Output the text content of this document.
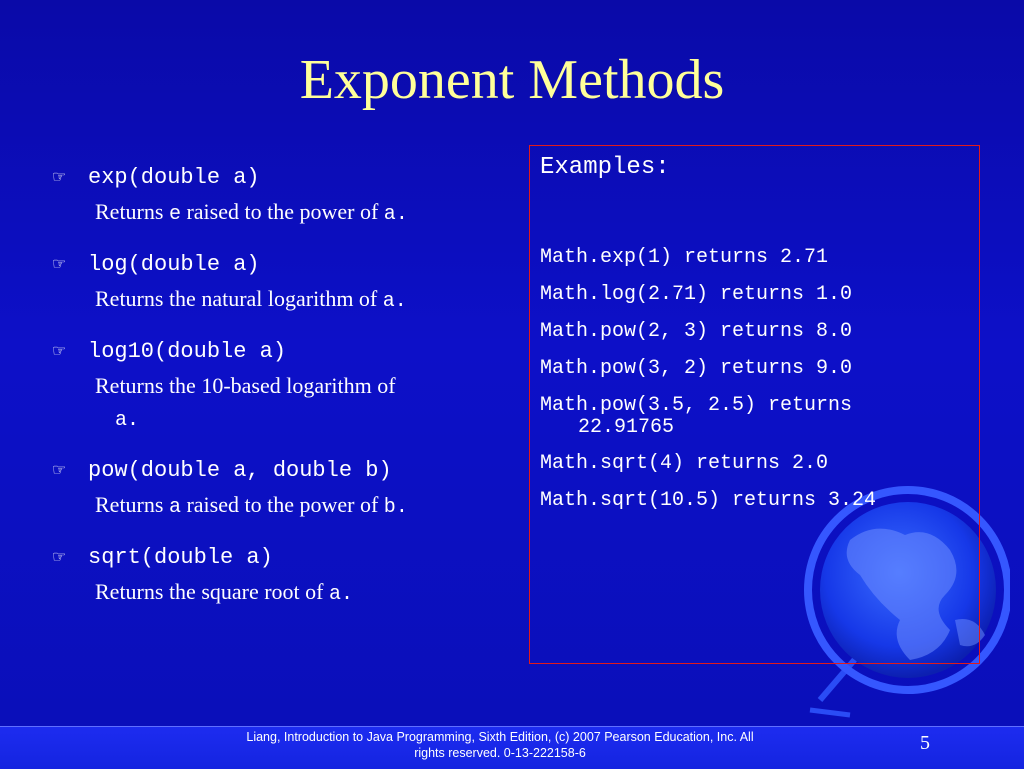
Exponent Methods
☞ exp(double a)
Returns e raised to the power of a.
☞ log(double a)
Returns the natural logarithm of a.
☞ log10(double a)
Returns the 10-based logarithm of
a.
☞ pow(double a, double b)
Returns a raised to the power of b.
☞ sqrt(double a)
Returns the square root of a.
Examples:
Math.exp(1) returns 2.71
Math.log(2.71) returns 1.0
Math.pow(2, 3) returns 8.0
Math.pow(3, 2) returns 9.0
Math.pow(3.5, 2.5) returns
22.91765
Math.sqrt(4) returns 2.0
Math.sqrt(10.5) returns 3.24
Liang, Introduction to Java Programming, Sixth Edition, (c) 2007 Pearson Education, Inc. All
rights reserved. 0-13-222158-6	5
